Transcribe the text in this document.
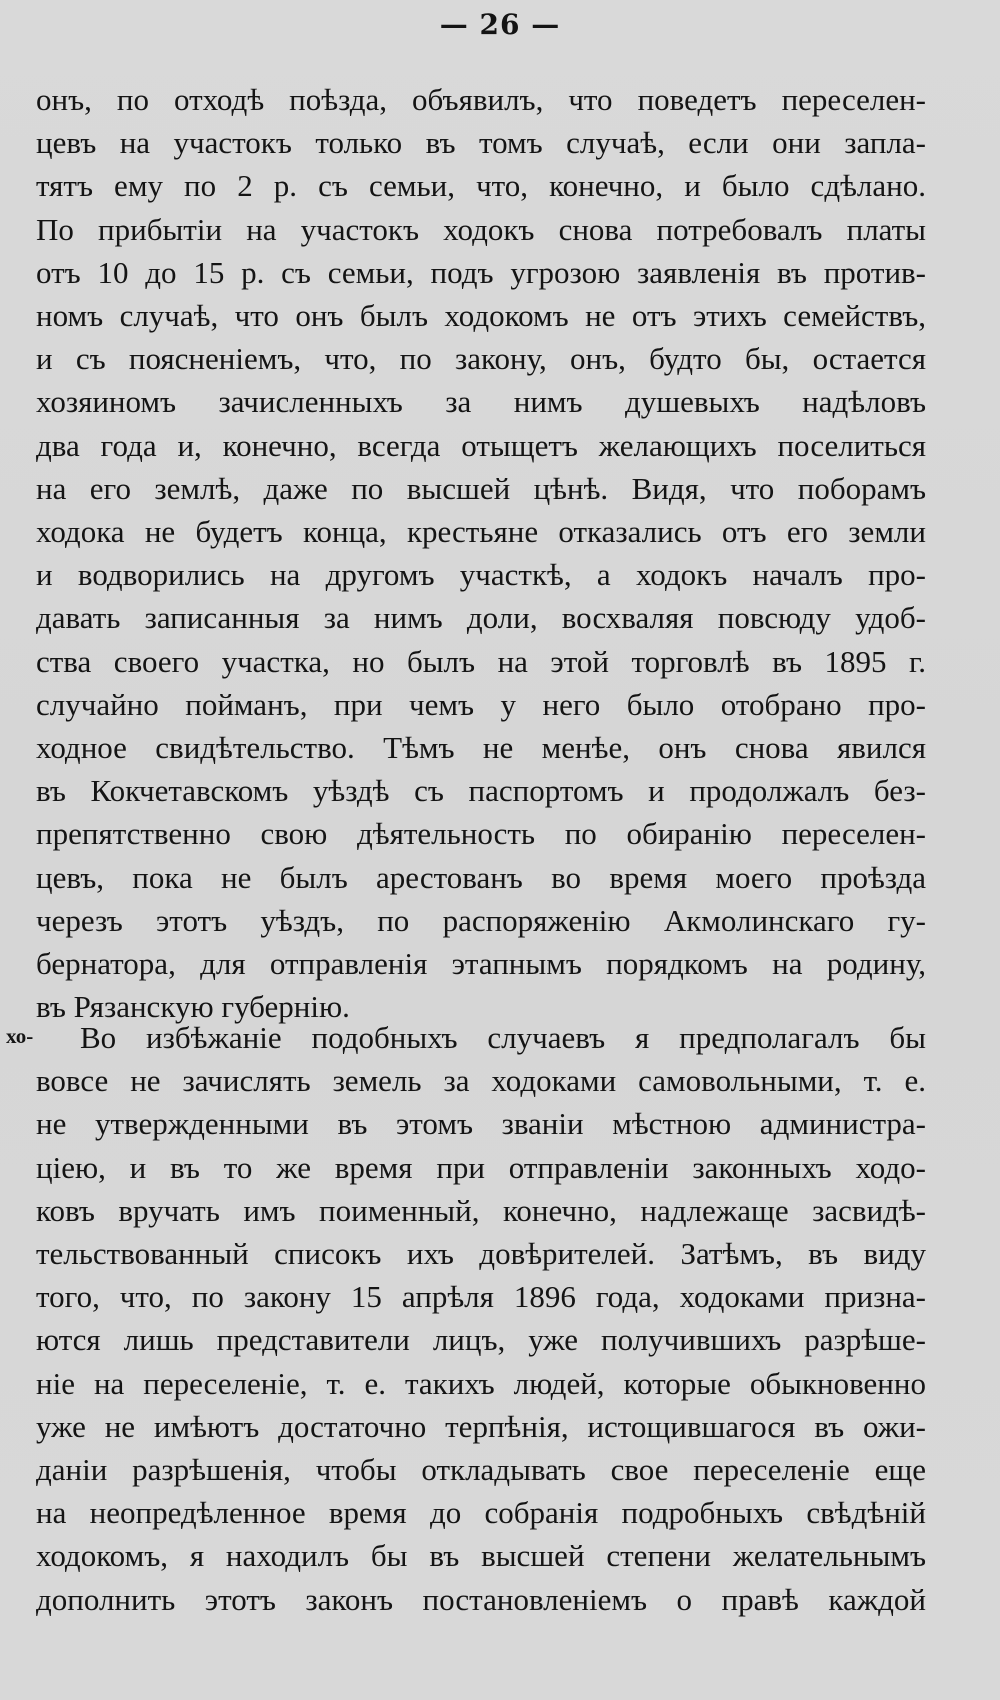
— 26 —
хо-
онъ, по отходѣ поѣзда, объявилъ, что поведетъ переселен-
цевъ на участокъ только въ томъ случаѣ, если они запла-
тятъ ему по 2 р. съ семьи, что, конечно, и было сдѣлано.
По прибытіи на участокъ ходокъ снова потребовалъ платы
отъ 10 до 15 р. съ семьи, подъ угрозою заявленія въ против-
номъ случаѣ, что онъ былъ ходокомъ не отъ этихъ семействъ,
и съ поясненіемъ, что, по закону, онъ, будто бы, остается
хозяиномъ зачисленныхъ за нимъ душевыхъ надѣловъ
два года и, конечно, всегда отыщетъ желающихъ поселиться
на его землѣ, даже по высшей цѣнѣ. Видя, что поборамъ
ходока не будетъ конца, крестьяне отказались отъ его земли
и водворились на другомъ участкѣ, а ходокъ началъ про-
давать записанныя за нимъ доли, восхваляя повсюду удоб-
ства своего участка, но былъ на этой торговлѣ въ 1895 г.
случайно пойманъ, при чемъ у него было отобрано про-
ходное свидѣтельство. Тѣмъ не менѣе, онъ снова явился
въ Кокчетавскомъ уѣздѣ съ паспортомъ и продолжалъ без-
препятственно свою дѣятельность по обиранію переселен-
цевъ, пока не былъ арестованъ во время моего проѣзда
черезъ этотъ уѣздъ, по распоряженію Акмолинскаго гу-
бернатора, для отправленія этапнымъ порядкомъ на родину,
въ Рязанскую губернію.
Во избѣжаніе подобныхъ случаевъ я предполагалъ бы
вовсе не зачислять земель за ходоками самовольными, т. е.
не утвержденными въ этомъ званіи мѣстною администра-
ціею, и въ то же время при отправленіи законныхъ ходо-
ковъ вручать имъ поименный, конечно, надлежаще засвидѣ-
тельствованный списокъ ихъ довѣрителей. Затѣмъ, въ виду
того, что, по закону 15 апрѣля 1896 года, ходоками призна-
ются лишь представители лицъ, уже получившихъ разрѣше-
ніе на переселеніе, т. е. такихъ людей, которые обыкновенно
уже не имѣютъ достаточно терпѣнія, истощившагося въ ожи-
даніи разрѣшенія, чтобы откладывать свое переселеніе еще
на неопредѣленное время до собранія подробныхъ свѣдѣній
ходокомъ, я находилъ бы въ высшей степени желательнымъ
дополнить этотъ законъ постановленіемъ о правѣ каждой
